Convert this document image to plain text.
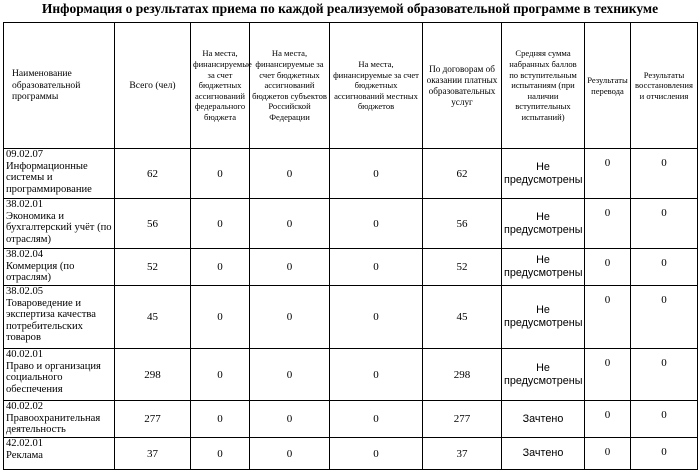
Информация о результатах приема по каждой реализуемой образовательной программе в техникуме
Наименование образовательной программы	Всего (чел)	На места, финансируемые за счет бюджетных ассигнований федерального бюджета	На места, финансируемые за счет бюджетных ассигнований бюджетов субъектов Российской Федерации	На места, финансируемые за счет бюджетных ассигнований местных бюджетов	По договорам об оказании платных образовательных услуг	Средняя сумма набранных баллов по вступительным испытаниям (при наличии вступительных испытаний)	Результаты перевода	Результаты восстановления и отчисления

09.02.07
Информационные системы и программирование	62	0	0	0	62	Не предусмотрены	0	0

38.02.01
Экономика и бухгалтерский учёт (по отраслям)	56	0	0	0	56	Не предусмотрены	0	0

38.02.04
Коммерция (по отраслям)	52	0	0	0	52	Не предусмотрены	0	0

38.02.05
Товароведение и экспертиза качества потребительских товаров	45	0	0	0	45	Не предусмотрены	0	0

40.02.01
Право и организация социального обеспечения	298	0	0	0	298	Не предусмотрены	0	0

40.02.02
Правоохранительная деятельность	277	0	0	0	277	Зачтено	0	0

42.02.01
Реклама	37	0	0	0	37	Зачтено	0	0
